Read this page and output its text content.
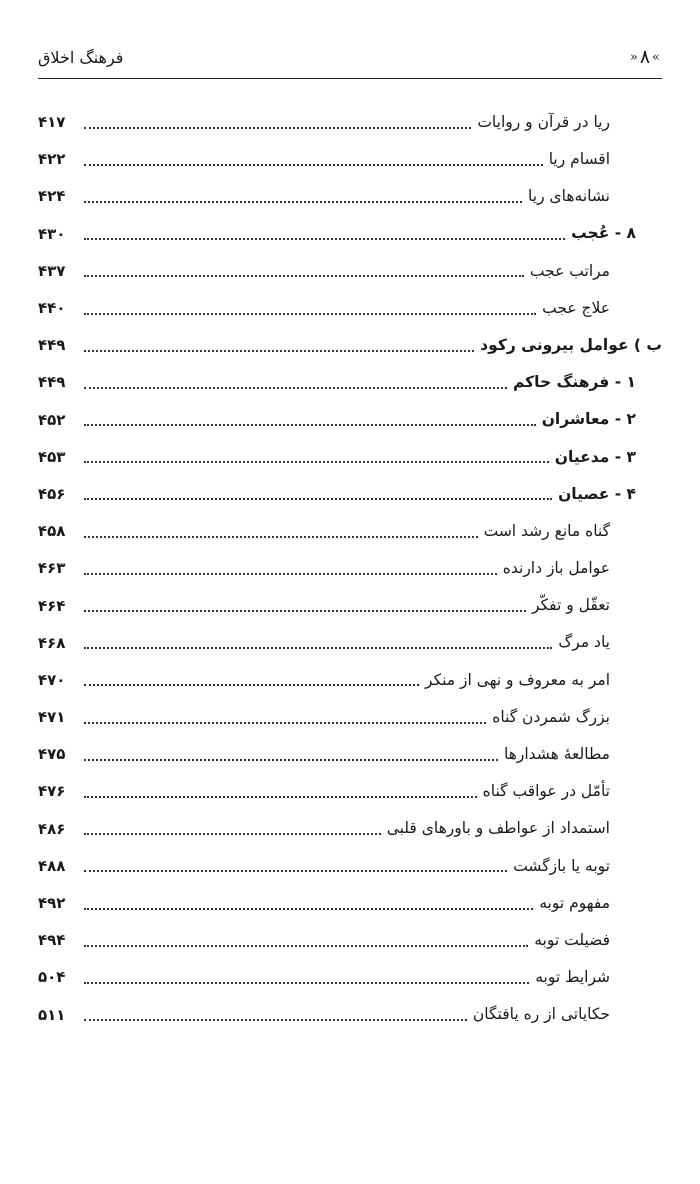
»۸«
فرهنگ اخلاق
ریا در قرآن و روایات
۴۱۷
اقسام ریا
۴۲۲
نشانه‌های ریا
۴۲۴
۸ - عُجب
۴۳۰
مراتب عجب
۴۳۷
علاج عجب
۴۴۰
ب ) عوامل بیرونی رکود
۴۴۹
۱ - فرهنگ حاکم
۴۴۹
۲ - معاشران
۴۵۲
۳ - مدعیان
۴۵۳
۴ - عصیان
۴۵۶
گناه مانع رشد است
۴۵۸
عوامل باز دارنده
۴۶۳
تعقّل و تفکّر
۴۶۴
یاد مرگ
۴۶۸
امر به معروف و نهی از منکر
۴۷۰
بزرگ شمردن گناه
۴۷۱
مطالعهٔ هشدارها
۴۷۵
تأمّل در عواقب گناه
۴۷۶
استمداد از عواطف و باورهای قلبی
۴۸۶
توبه یا بازگشت
۴۸۸
مفهوم توبه
۴۹۲
فضیلت توبه
۴۹۴
شرایط توبه
۵۰۴
حکایاتی از ره یافتگان
۵۱۱
